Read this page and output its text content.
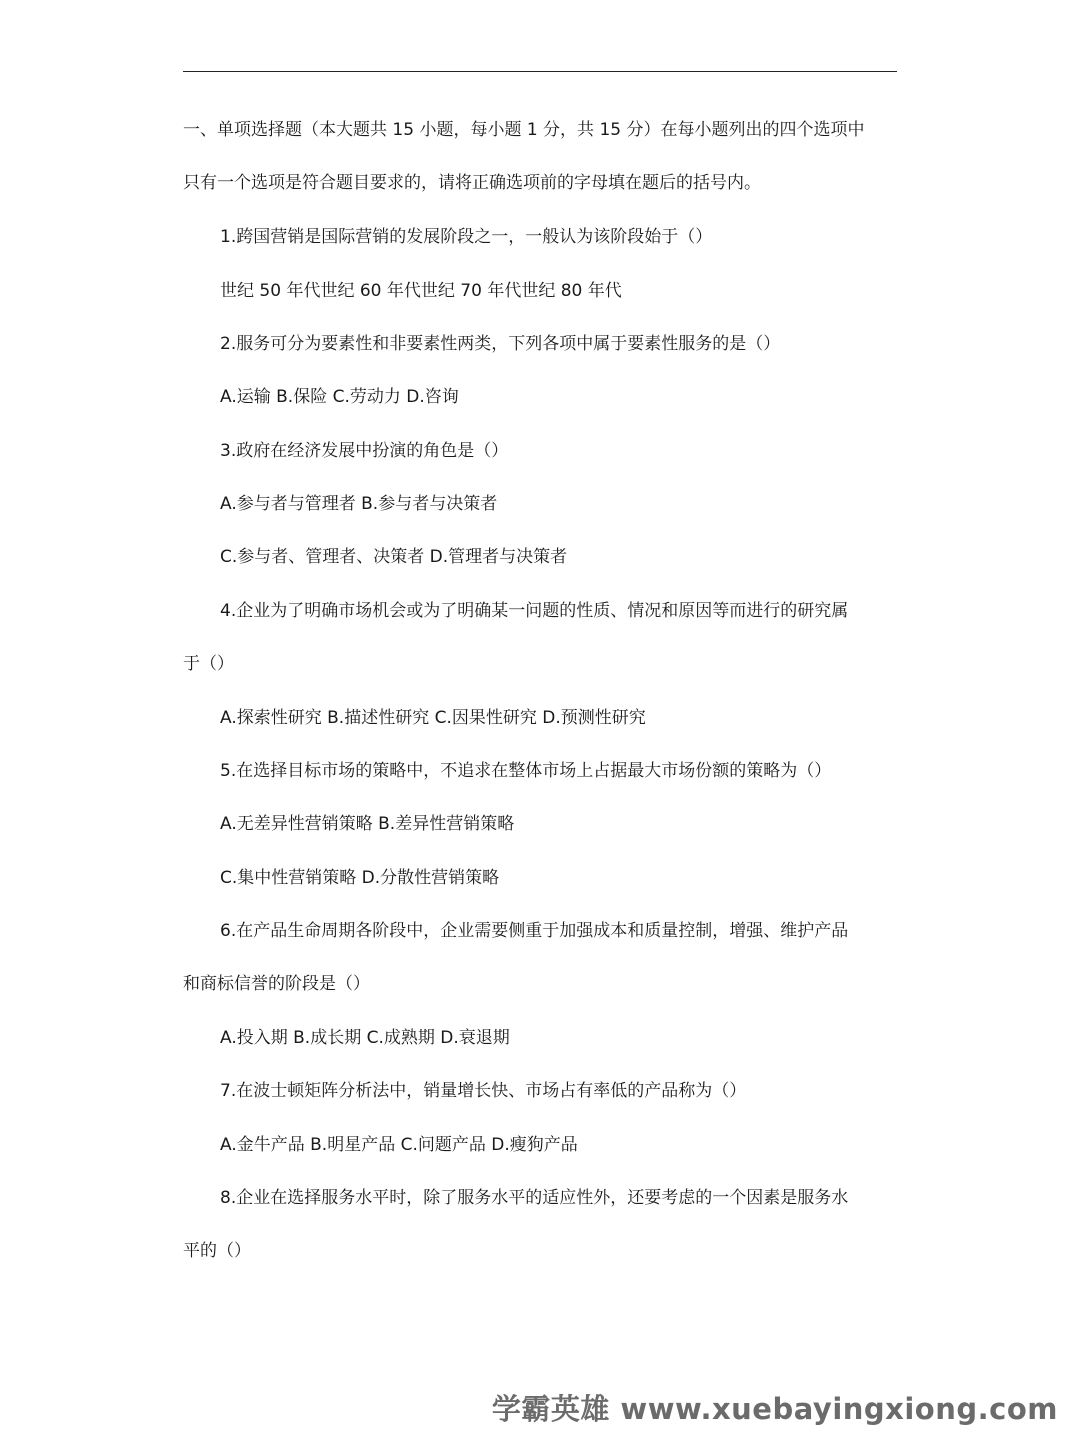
一、单项选择题（本大题共 15 小题，每小题 1 分，共 15 分）在每小题列出的四个选项中
只有一个选项是符合题目要求的，请将正确选项前的字母填在题后的括号内。
1.跨国营销是国际营销的发展阶段之一，一般认为该阶段始于（）
世纪 50 年代世纪 60 年代世纪 70 年代世纪 80 年代
2.服务可分为要素性和非要素性两类，下列各项中属于要素性服务的是（）
A.运输 B.保险 C.劳动力 D.咨询
3.政府在经济发展中扮演的角色是（）
A.参与者与管理者 B.参与者与决策者
C.参与者、管理者、决策者 D.管理者与决策者
4.企业为了明确市场机会或为了明确某一问题的性质、情况和原因等而进行的研究属
于（）
A.探索性研究 B.描述性研究 C.因果性研究 D.预测性研究
5.在选择目标市场的策略中，不追求在整体市场上占据最大市场份额的策略为（）
A.无差异性营销策略 B.差异性营销策略
C.集中性营销策略 D.分散性营销策略
6.在产品生命周期各阶段中，企业需要侧重于加强成本和质量控制，增强、维护产品
和商标信誉的阶段是（）
A.投入期 B.成长期 C.成熟期 D.衰退期
7.在波士顿矩阵分析法中，销量增长快、市场占有率低的产品称为（）
A.金牛产品 B.明星产品 C.问题产品 D.瘦狗产品
8.企业在选择服务水平时，除了服务水平的适应性外，还要考虑的一个因素是服务水
平的（）
学霸英雄 www.xuebayingxiong.com
